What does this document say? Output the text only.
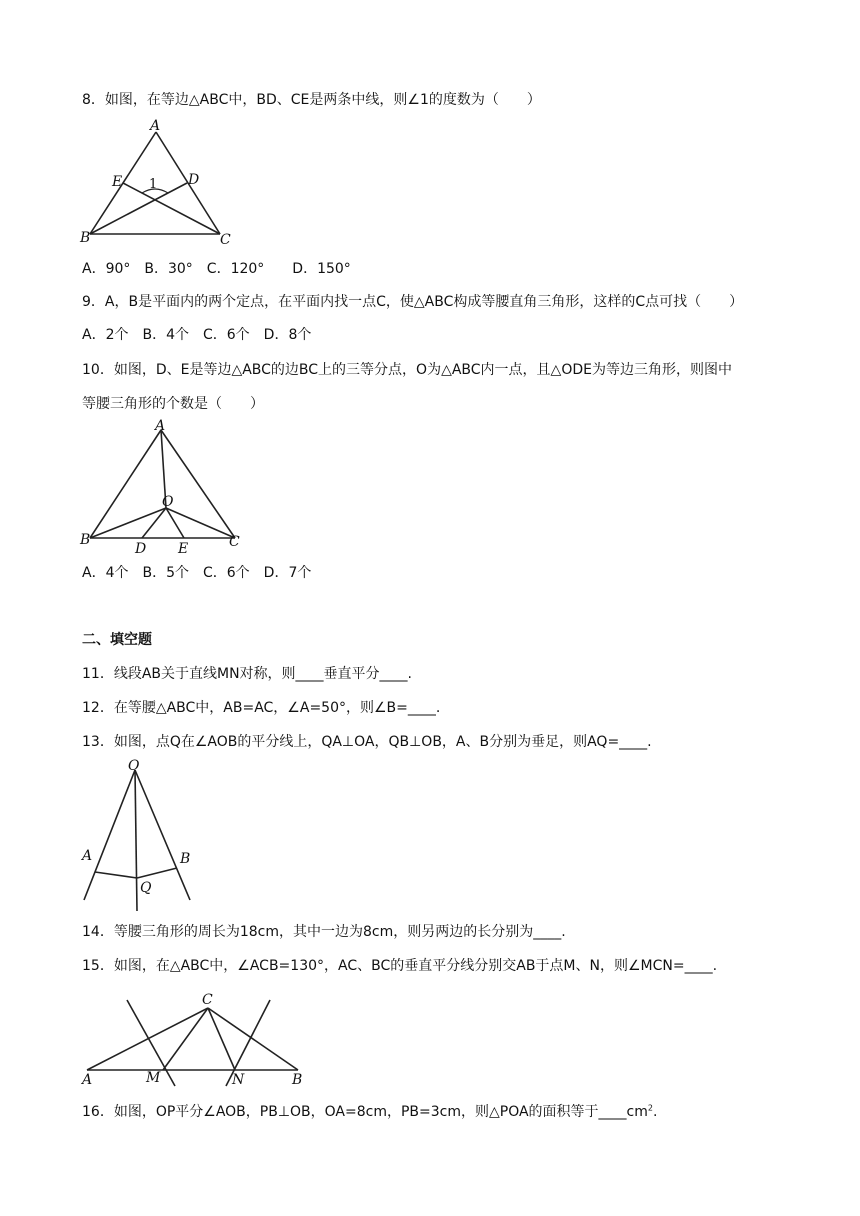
8．如图，在等边△ABC中，BD、CE是两条中线，则∠1的度数为（　　）
A
B	C
D
E 1
A．90°　B．30°　C．120°　　D．150°
9．A，B是平面内的两个定点，在平面内找一点C，使△ABC构成等腰直角三角形，这样的C点可找（　　）
A．2个　B．4个　C．6个　D．8个
10．如图，D、E是等边△ABC的边BC上的三等分点，O为△ABC内一点，且△ODE为等边三角形，则图中
等腰三角形的个数是（　　）
A
B	C
D E
O
A．4个　B．5个　C．6个　D．7个
二、填空题
11．线段AB关于直线MN对称，则____垂直平分____.
12．在等腰△ABC中，AB=AC，∠A=50°，则∠B=____.
13．如图，点Q在∠AOB的平分线上，QA⊥OA，QB⊥OB，A、B分别为垂足，则AQ=____.
O
A	B
Q
14．等腰三角形的周长为18cm，其中一边为8cm，则另两边的长分别为____.
15．如图，在△ABC中，∠ACB=130°，AC、BC的垂直平分线分别交AB于点M、N，则∠MCN=____.
C
A	B
M	N
16．如图，OP平分∠AOB，PB⊥OB，OA=8cm，PB=3cm，则△POA的面积等于$\_\_\_\_cm^2$.
